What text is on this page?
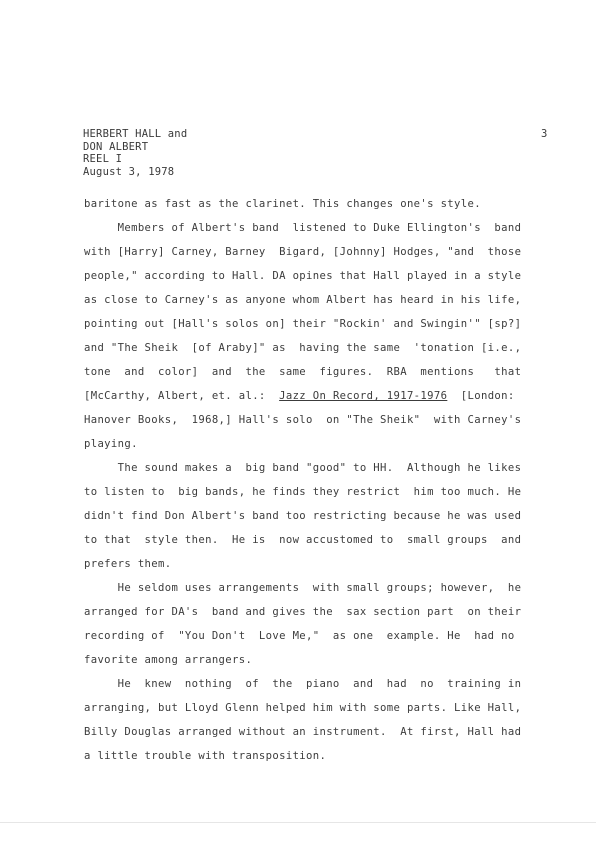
HERBERT HALL and
DON ALBERT
REEL I
August 3, 1978
3
baritone as fast as the clarinet. This changes one's style.
Members of Albert's band  listened to Duke Ellington's  band
with [Harry] Carney, Barney  Bigard, [Johnny] Hodges, "and  those
people," according to Hall. DA opines that Hall played in a style
as close to Carney's as anyone whom Albert has heard in his life,
pointing out [Hall's solos on] their "Rockin' and Swingin'" [sp?]
and "The Sheik  [of Araby]" as  having the same  'tonation [i.e.,
tone  and  color]  and  the  same  figures.  RBA  mentions   that
[McCarthy, Albert, et. al.: Jazz On Record, 1917-1976  [London:
Hanover Books,  1968,] Hall's solo  on "The Sheik"  with Carney's
playing.
The sound makes a  big band "good" to HH.  Although he likes
to listen to  big bands, he finds they restrict  him too much. He
didn't find Don Albert's band too restricting because he was used
to that  style then.  He is  now accustomed to  small groups  and
prefers them.
He seldom uses arrangements  with small groups; however,  he
arranged for DA's  band and gives the  sax section part  on their
recording of  "You Don't  Love Me,"  as one  example. He  had no
favorite among arrangers.
He  knew  nothing  of  the  piano  and  had  no  training in
arranging, but Lloyd Glenn helped him with some parts. Like Hall,
Billy Douglas arranged without an instrument.  At first, Hall had
a little trouble with transposition.
